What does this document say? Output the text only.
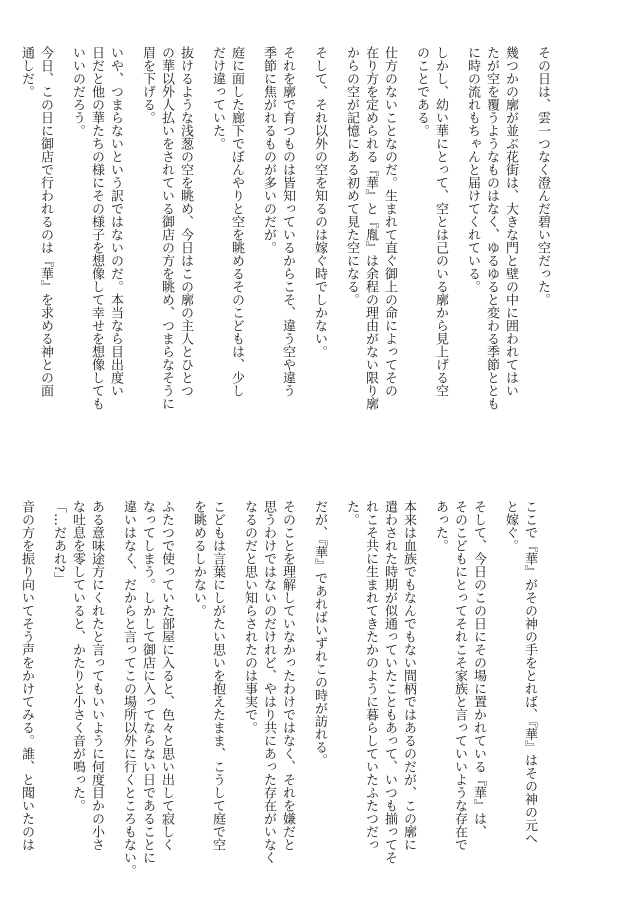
その日は、雲一つなく澄んだ碧い空だった。

幾つかの廓が並ぶ花街は、大きな門と壁の中に囲われてはい

たが空を覆うようなものはなく、ゆるゆると変わる季節ととも

に時の流れもちゃんと届けてくれている。

しかし、幼い華にとって、空とは己のいる廓から見上げる空

のことである。

仕方のないことなのだ。生まれて直ぐ御上の命によってその

在り方を定められる『華』と『胤』は余程の理由がない限り廓

からの空が記憶にある初めて見た空になる。

そして、それ以外の空を知るのは嫁ぐ時でしかない。

それを廓で育つものは皆知っているからこそ、違う空や違う

季節に焦がれるものが多いのだが。

庭に面した廊下でぼんやりと空を眺めるそのこどもは、少し

だけ違っていた。

抜けるような浅葱の空を眺め、今日はこの廓の主人とひとつ

の華以外人払いをされている御店の方を眺め、つまらなそうに

眉を下げる。

いや、つまらないという訳ではないのだ。本当なら目出度い

日だと他の華たちの様にその様子を想像して幸せを想像しても

いいのだろう。

今日、この日に御店で行われるのは『華』を求める神との面

通しだ。

ここで『華』がその神の手をとれば、『華』はその神の元へ

と嫁ぐ。

そして、今日のこの日にその場に置かれている『華』は、

そのこどもにとってそれこそ家族と言っていいような存在で

あった。

本来は血族でもなんでもない間柄ではあるのだが、この廓に

遣わされた時期が似通っていたこともあって、いつも揃ってそ

れこそ共に生まれてきたかのように暮らしていたふたつだっ

た。

だが、『華』であればいずれこの時が訪れる。

そのことを理解していなかったわけではなく、それを嫌だと

思うわけではないのだけれど、やはり共にあった存在がいなく

なるのだと思い知らされたのは事実で。

こどもは言葉にしがたい思いを抱えたまま、こうして庭で空

を眺めるしかない。

ふたつで使っていた部屋に入ると、色々と思い出して寂しく

なってしまう。しかして御店に入ってならない日であることに

違いはなく、だからと言ってこの場所以外に行くところもない。

ある意味途方にくれたと言ってもいいように何度目かの小さ

な吐息を零していると、かたりと小さく音が鳴った。

「…だあれ?」

音の方を振り向いてそう声をかけてみる。誰、と聞いたのは
